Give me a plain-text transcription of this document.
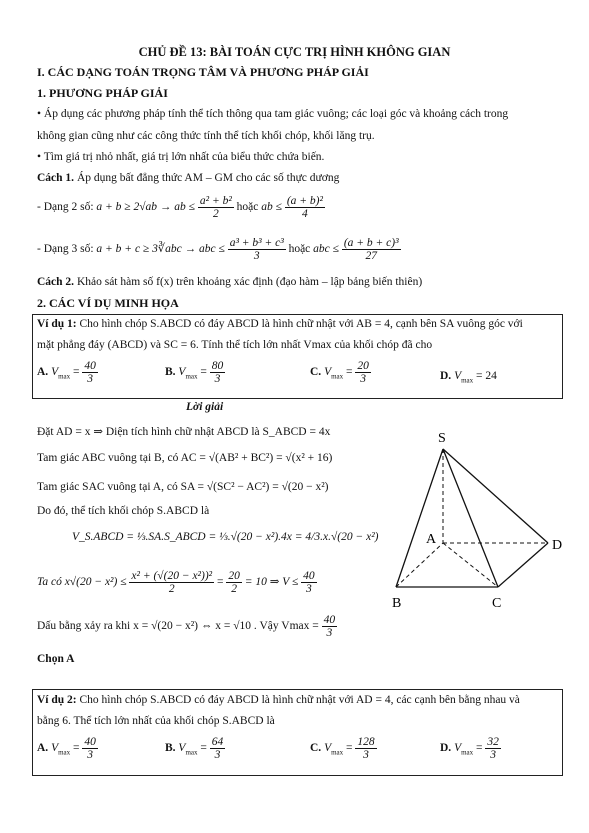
CHỦ ĐỀ 13: BÀI TOÁN CỰC TRỊ HÌNH KHÔNG GIAN
I. CÁC DẠNG TOÁN TRỌNG TÂM VÀ PHƯƠNG PHÁP GIẢI
1. PHƯƠNG PHÁP GIẢI
• Áp dụng các phương pháp tính thể tích thông qua tam giác vuông; các loại góc và khoảng cách trong
không gian cũng như các công thức tính thể tích khối chóp, khối lăng trụ.
• Tìm giá trị nhỏ nhất, giá trị lớn nhất của biểu thức chứa biến.
Cách 1. Áp dụng bất đẳng thức AM – GM cho các số thực dương
- Dạng 2 số: a + b ≥ 2√ab → ab ≤ $\frac{\text{a² + b²}}{2}$ hoặc ab ≤ $\frac{\text{(a + b)²}}{4}$
- Dạng 3 số: a + b + c ≥ 3∛abc → abc ≤ $\frac{\text{a³ + b³ + c³}}{3}$ hoặc abc ≤ $\frac{\text{(a + b + c)³}}{27}$
Cách 2. Khảo sát hàm số f(x) trên khoảng xác định (đạo hàm – lập bảng biến thiên)
2. CÁC VÍ DỤ MINH HỌA
Ví dụ 1: Cho hình chóp S.ABCD có đáy ABCD là hình chữ nhật với AB = 4, cạnh bên SA vuông góc với
mặt phẳng đáy (ABCD) và SC = 6. Tính thể tích lớn nhất Vmax của khối chóp đã cho
A. $V_{max} = \frac{40}{3}$	B. $V_{max} = \frac{80}{3}$	C. $V_{max} = \frac{20}{3}$	D. $V_{max} = 24$
Lời giải
Đặt AD = x ⇒ Diện tích hình chữ nhật ABCD là S_ABCD = 4x
Tam giác ABC vuông tại B, có AC = √(AB² + BC²) = √(x² + 16)
Tam giác SAC vuông tại A, có SA = √(SC² − AC²) = √(20 − x²)
Do đó, thể tích khối chóp S.ABCD là
V_S.ABCD = ⅓.SA.S_ABCD = ⅓.√(20 − x²).4x = 4/3.x.√(20 − x²)
Ta có $x√(20 - x^2) \le \frac{\text{x² + (√(20 − x²))²}}{2} = \frac{20}{2} = 10$ ⇒ $V \le \frac{40}{3}$
Dấu bằng xảy ra khi x = √(20 − x²) ⇔ x = √10 . Vậy $Vmax = \frac{40}{3}$
Chọn A
S
A
B	C
D
Ví dụ 2: Cho hình chóp S.ABCD có đáy ABCD là hình chữ nhật với AD = 4, các cạnh bên bằng nhau và
bằng 6. Thể tích lớn nhất của khối chóp S.ABCD là
A. $V_{max} = \frac{40}{3}$	B. $V_{max} = \frac{64}{3}$	C. $V_{max} = \frac{128}{3}$	D. $V_{max} = \frac{32}{3}$
